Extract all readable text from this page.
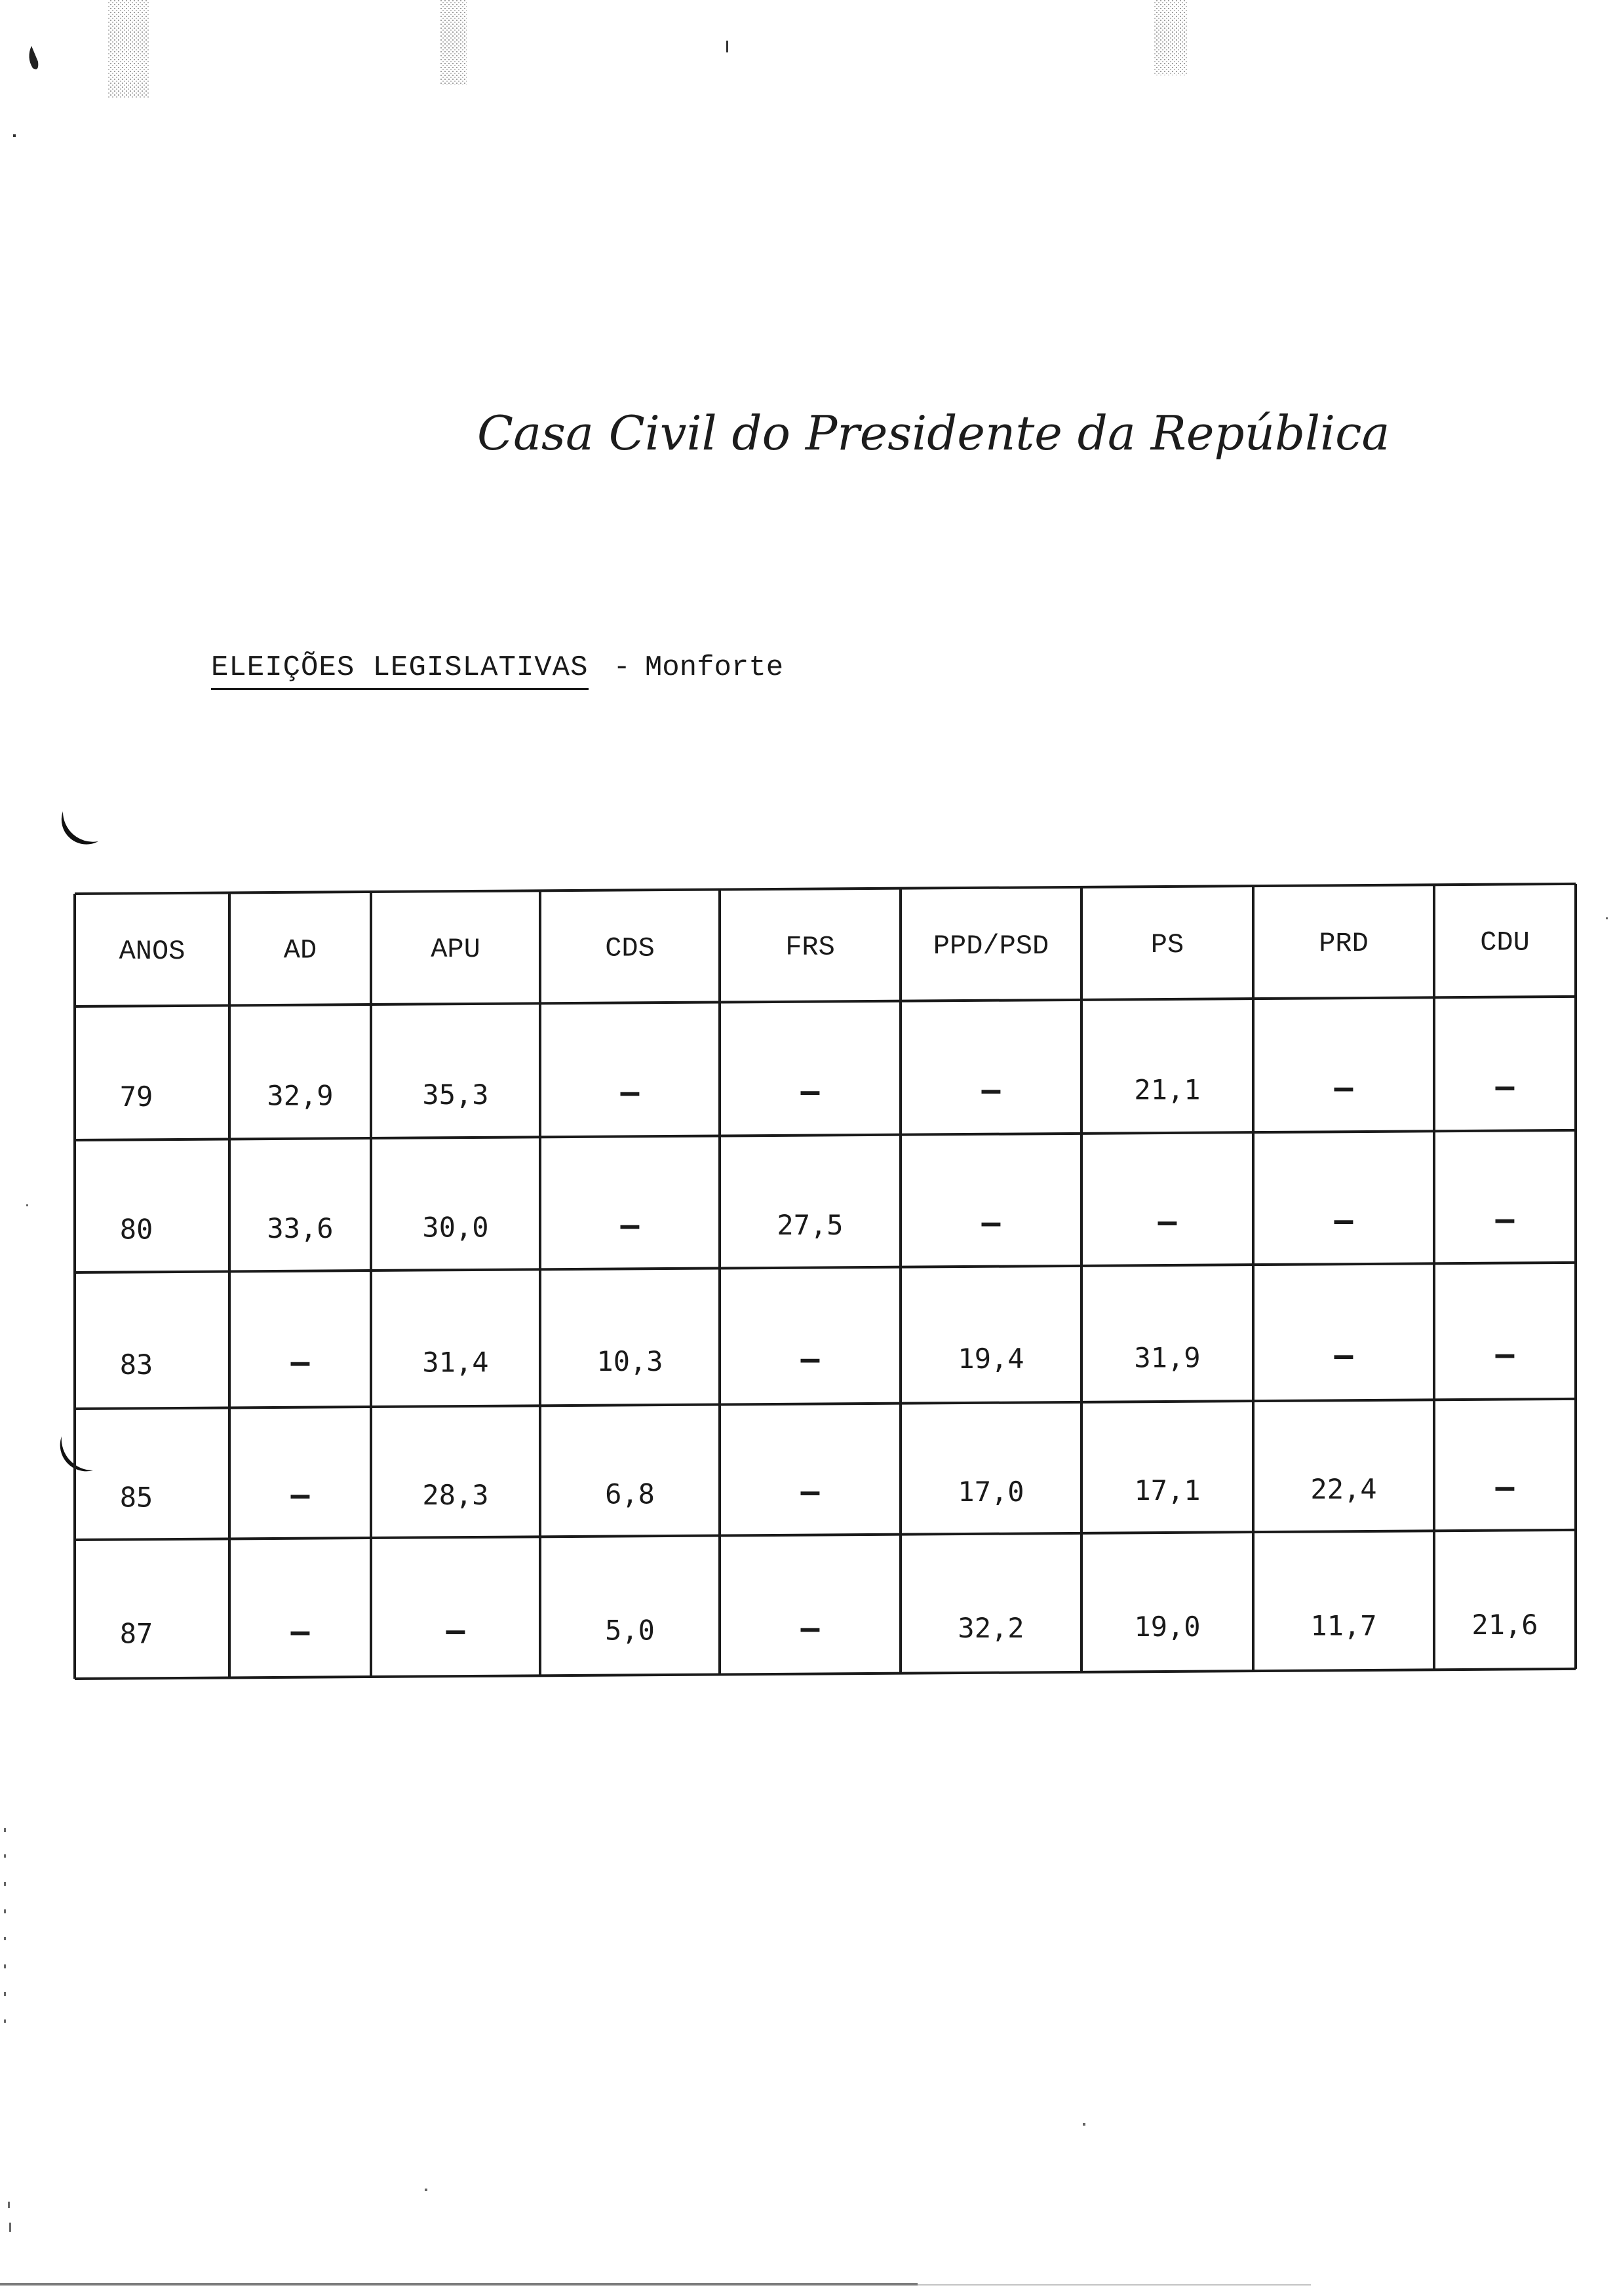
Casa Civil do Presidente da República
ELEIÇÕES LEGISLATIVAS - Monforte
ANOS	AD	APU	CDS	FRS	PPD/PSD	PS	PRD	CDU
79	32,9	35,3	–	–	–	21,1	–	–
80	33,6	30,0	–	27,5	–	–	–	–
83	–	31,4	10,3	–	19,4	31,9	–	–
85	–	28,3	6,8	–	17,0	17,1	22,4	–
87	–	–	5,0	–	32,2	19,0	11,7	21,6
